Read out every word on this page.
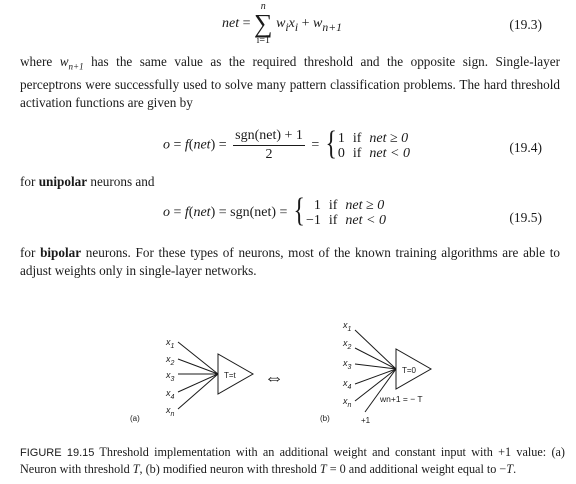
net = n
∑
i=1 $w_ix_i + w_{n+1}$	(19.3)

where $w_{n+1}$ has the same value as the required threshold and the opposite sign. Single-layer perceptrons were successfully used to solve many pattern classification problems. The hard threshold activation functions are given by

$o = f(net) = \frac{\text{sgn(net) + 1}}{2}$ = { 1	if	net ≥ 0
0	if	net < 0	(19.4)

for unipolar neurons and

o = f(net) = sgn(net) = { 1	if	net ≥ 0
−1	if	net < 0	(19.5)

for bipolar neurons. For these types of neurons, most of the known training algorithms are able to adjust weights only in single-layer networks.

$x_1$
$x_2$
$x_3$
$x_4$
$x_n$
T=t
(a)
⇔
$x_1$
$x_2$
$x_3$
$x_4$
$x_n$
T=0
wn+1 = − T
+1
(b)

FIGURE 19.15 Threshold implementation with an additional weight and constant input with +1 value: (a) Neuron with threshold T, (b) modified neuron with threshold T = 0 and additional weight equal to −T.
